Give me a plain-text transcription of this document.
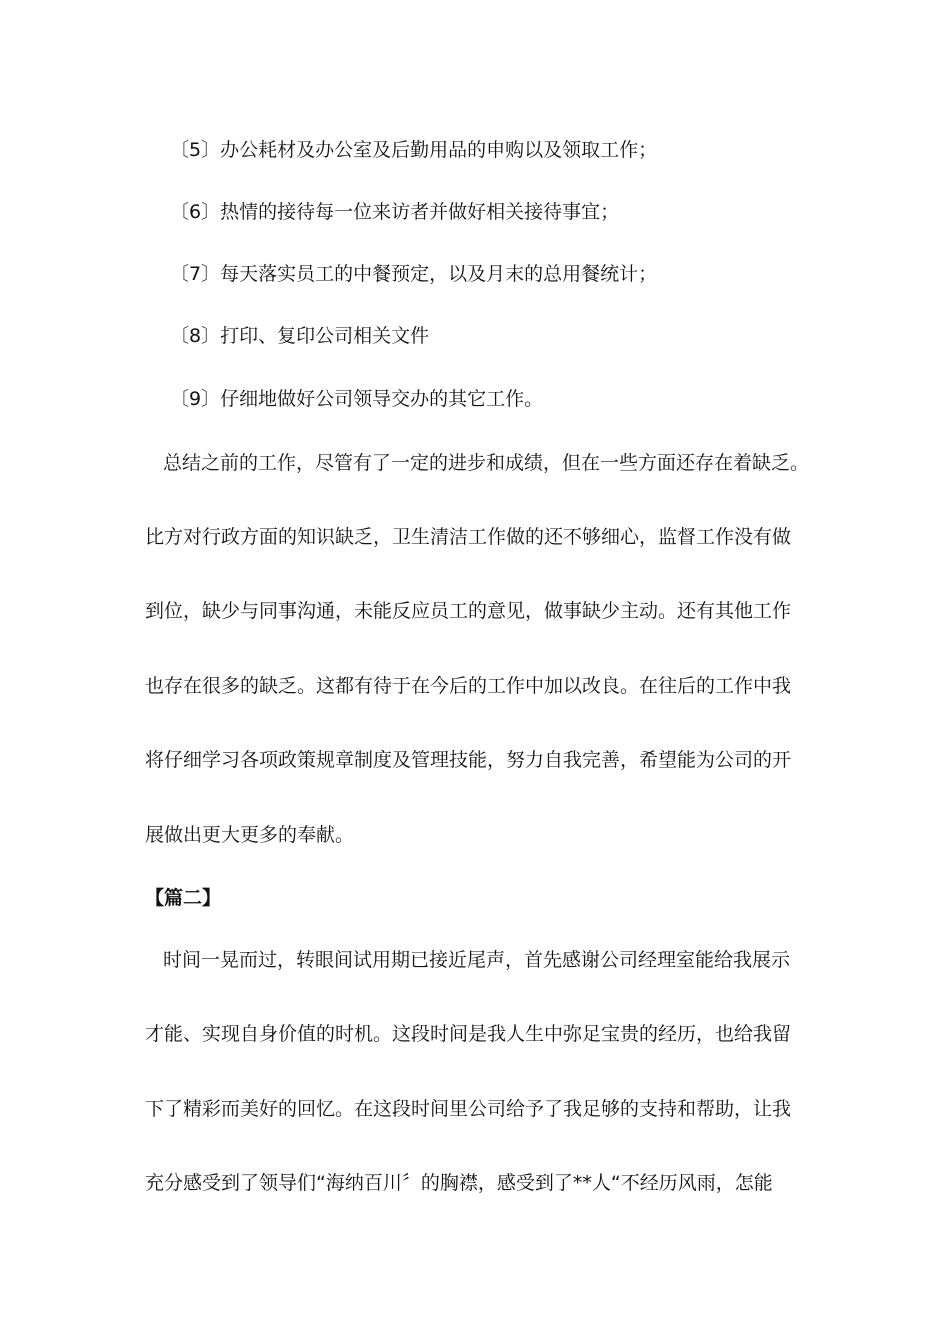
〔5〕办公耗材及办公室及后勤用品的申购以及领取工作；
〔6〕热情的接待每一位来访者并做好相关接待事宜；
〔7〕每天落实员工的中餐预定，以及月末的总用餐统计；
〔8〕打印、复印公司相关文件
〔9〕仔细地做好公司领导交办的其它工作。
总结之前的工作，尽管有了一定的进步和成绩，但在一些方面还存在着缺乏。
比方对行政方面的知识缺乏，卫生清洁工作做的还不够细心，监督工作没有做
到位，缺少与同事沟通，未能反应员工的意见，做事缺少主动。还有其他工作
也存在很多的缺乏。这都有待于在今后的工作中加以改良。在往后的工作中我
将仔细学习各项政策规章制度及管理技能，努力自我完善，希望能为公司的开
展做出更大更多的奉献。
【篇二】
时间一晃而过，转眼间试用期已接近尾声，首先感谢公司经理室能给我展示
才能、实现自身价值的时机。这段时间是我人生中弥足宝贵的经历，也给我留
下了精彩而美好的回忆。在这段时间里公司给予了我足够的支持和帮助，让我
充分感受到了领导们“海纳百川〞的胸襟，感受到了**人“不经历风雨，怎能
